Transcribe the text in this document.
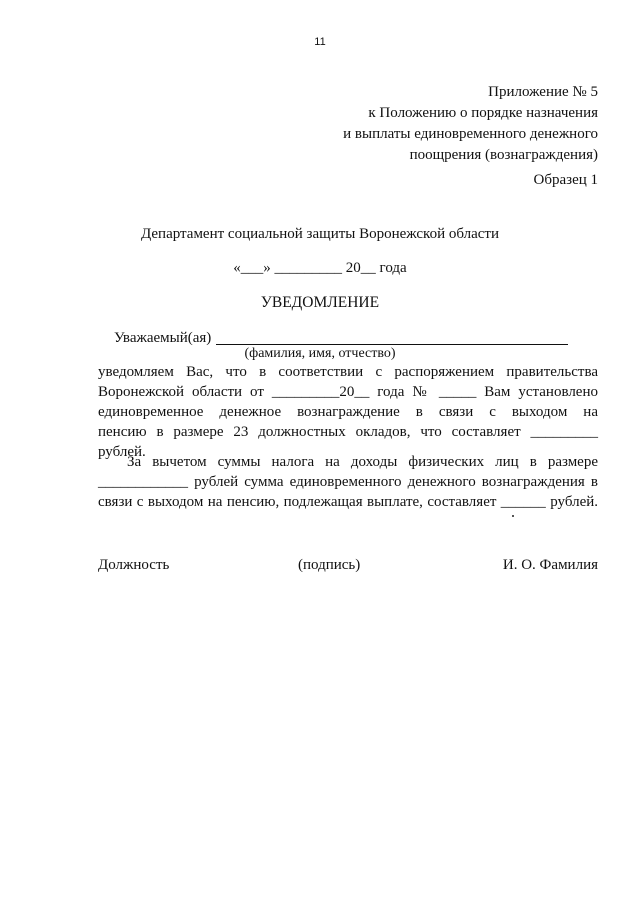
11
Приложение № 5
к Положению о порядке назначения
и выплаты единовременного денежного
поощрения (вознаграждения)
Образец 1
Департамент социальной защиты Воронежской области
«___» _________ 20__ года
УВЕДОМЛЕНИЕ
Уважаемый(ая)
(фамилия, имя, отчество)
уведомляем Вас, что в соответствии с распоряжением правительства
Воронежской области от _________20__ года № _____ Вам установлено
единовременное денежное вознаграждение в связи с выходом на
пенсию в размере 23 должностных окладов, что составляет _________
рублей.
За вычетом суммы налога на доходы физических лиц в размере
____________ рублей сумма единовременного денежного вознаграждения в
связи с выходом на пенсию, подлежащая выплате, составляет ______ рублей.
Должность	(подпись)	И. О. Фамилия
